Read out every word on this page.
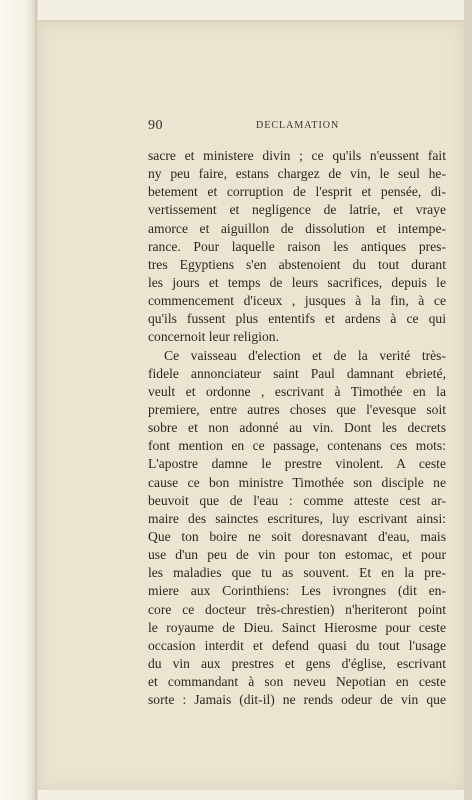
90	DECLAMATION
sacre et ministere divin ; ce qu'ils n'eussent fait
ny peu faire, estans chargez de vin, le seul he-
betement et corruption de l'esprit et pensée, di-
vertissement et negligence de latrie, et vraye
amorce et aiguillon de dissolution et intempe-
rance. Pour laquelle raison les antiques pres-
tres Egyptiens s'en abstenoient du tout durant
les jours et temps de leurs sacrifices, depuis le
commencement d'iceux , jusques à la fin, à ce
qu'ils fussent plus ententifs et ardens à ce qui
concernoit leur religion.
Ce vaisseau d'election et de la verité très-
fidele annonciateur saint Paul damnant ebrieté,
veult et ordonne , escrivant à Timothée en la
premiere, entre autres choses que l'evesque soit
sobre et non adonné au vin. Dont les decrets
font mention en ce passage, contenans ces mots:
L'apostre damne le prestre vinolent. A ceste
cause ce bon ministre Timothée son disciple ne
beuvoit que de l'eau : comme atteste cest ar-
maire des sainctes escritures, luy escrivant ainsi:
Que ton boire ne soit doresnavant d'eau, mais
use d'un peu de vin pour ton estomac, et pour
les maladies que tu as souvent. Et en la pre-
miere aux Corinthiens: Les ivrongnes (dit en-
core ce docteur très-chrestien) n'heriteront point
le royaume de Dieu. Sainct Hierosme pour ceste
occasion interdit et defend quasi du tout l'usage
du vin aux prestres et gens d'église, escrivant
et commandant à son neveu Nepotian en ceste
sorte : Jamais (dit-il) ne rends odeur de vin que
